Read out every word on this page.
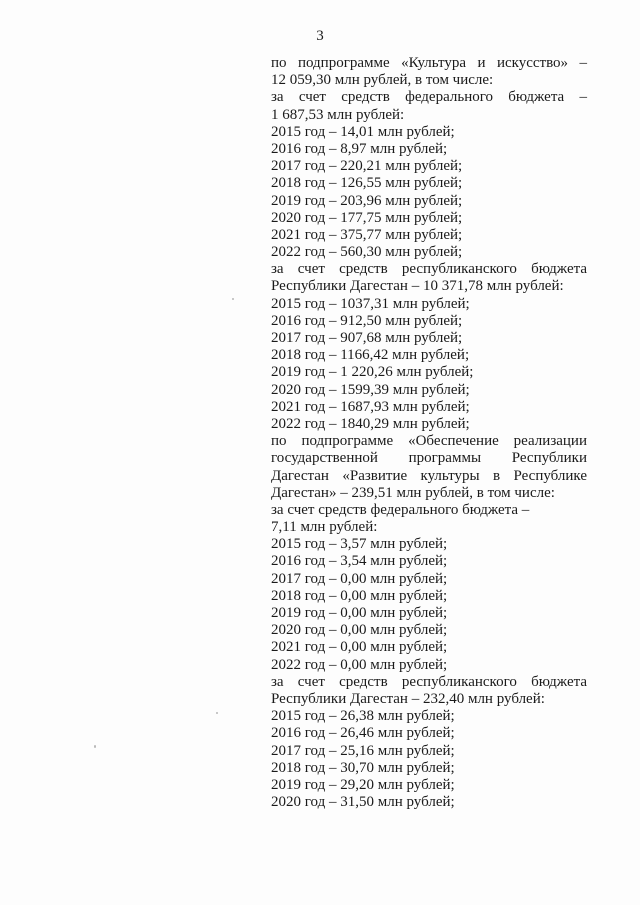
3
по подпрограмме «Культура и искусство» –
12 059,30 млн рублей, в том числе:
за счет средств федерального бюджета –
1 687,53 млн рублей:
2015 год – 14,01 млн рублей;
2016 год – 8,97 млн рублей;
2017 год – 220,21 млн рублей;
2018 год – 126,55 млн рублей;
2019 год – 203,96 млн рублей;
2020 год – 177,75 млн рублей;
2021 год – 375,77 млн рублей;
2022 год – 560,30 млн рублей;
за счет средств республиканского бюджета
Республики Дагестан – 10 371,78 млн рублей:
2015 год – 1037,31 млн рублей;
2016 год – 912,50 млн рублей;
2017 год – 907,68 млн рублей;
2018 год – 1166,42 млн рублей;
2019 год – 1 220,26 млн рублей;
2020 год – 1599,39 млн рублей;
2021 год – 1687,93 млн рублей;
2022 год – 1840,29 млн рублей;
по подпрограмме «Обеспечение реализации
государственной программы Республики
Дагестан «Развитие культуры в Республике
Дагестан» – 239,51 млн рублей, в том числе:
за счет средств федерального бюджета –
7,11 млн рублей:
2015 год – 3,57 млн рублей;
2016 год – 3,54 млн рублей;
2017 год – 0,00 млн рублей;
2018 год – 0,00 млн рублей;
2019 год – 0,00 млн рублей;
2020 год – 0,00 млн рублей;
2021 год – 0,00 млн рублей;
2022 год – 0,00 млн рублей;
за счет средств республиканского бюджета
Республики Дагестан – 232,40 млн рублей:
2015 год – 26,38 млн рублей;
2016 год – 26,46 млн рублей;
2017 год – 25,16 млн рублей;
2018 год – 30,70 млн рублей;
2019 год – 29,20 млн рублей;
2020 год – 31,50 млн рублей;
